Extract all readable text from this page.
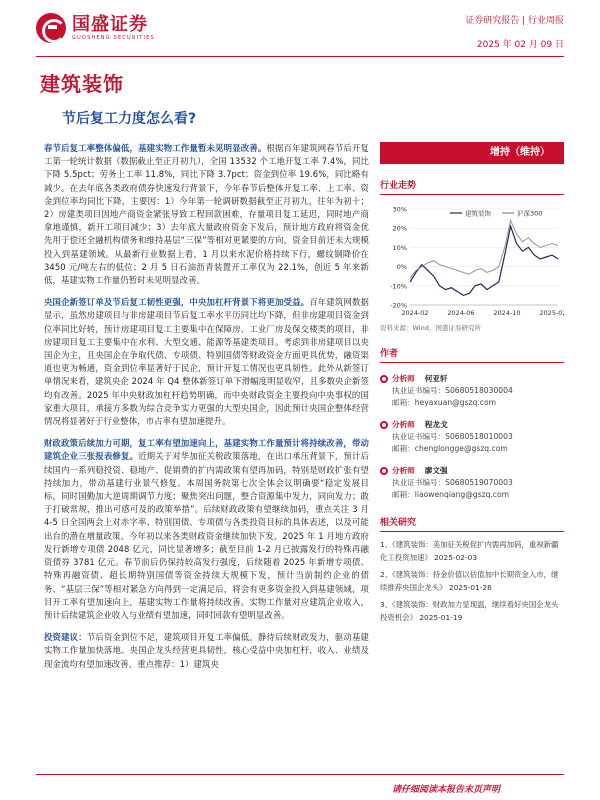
国盛证券
GUOSHENG SECURITIES
证券研究报告 | 行业周报
2025 年 02 月 09 日
建筑装饰
节后复工力度怎么看?

春节后复工率整体偏低，基建实物工作量暂未见明显改善。根据百年建筑网春节后开复工第一轮统计数据（数据截止至正月初九），全国 13532 个工地开复工率 7.4%，同比下降 5.5pct；劳务上工率 11.8%，同比下降 3.7pct；资金到位率 19.6%，同比略有减少。在去年底各类政府债券快速发行背景下，今年春节后整体开复工率、上工率、资金到位率均同比下降，主要因：1）今年第一轮调研数据截至正月初九，往年为初十；2）房建类项目因地产商资金紧张导致工程回款困难，存量项目复工延迟，同时地产商拿地谨慎，新开工项目减少；3）去年底大量政府资金下发后，预计地方政府将资金优先用于偿还全融机构债务和维持基层“三保”等相对更紧要的方向，资金目前还未大规模投入到基建领域。从最新行业数据上看，1 月以来水泥价格持续下行，螺纹钢降价在 3450 元/吨左右的低位；2 月 5 日石油沥青装置开工率仅为 22.1%，创近 5 年来新低，基建实物工作量仍暂时未见明显改善。

央国企新签订单及节后复工韧性更强，中央加杠杆背景下将更加受益。百年建筑网数据显示，虽然房建项目与非房建项目节后复工率水平历同比均下降，但非房建项目资金到位率同比好转，预计房建项目复工主要集中在保障房、工业厂房及保交楼类的项目，非房建项目复工主要集中在水利、大型交通、能源等基建类项目。考虑到非房建项目以央国企为主，且央国企在争取代债、专项债、特别国债等财政资金方面更具优势，融资渠道也更为畅通，资金到位率显著好于民企，预计开复工情况也更具韧性。此外从新签订单情况来看，建筑央企 2024 年 Q4 整体新签订单下滑幅度明显收窄，且多数央企新签均有改善。2025 年中央财政加杠杆趋势明确，而中央财政资金主要投向中央事权的国家重大项目，承接方多数为综合竞争实力更强的大型央国企，因此预计央国企整体经营情况将显著好于行业整体，市占率有望加速提升。

财政政策后续加力可期，复工率有望加速向上，基建实物工作量预计将持续改善，带动建筑企业三张报表修复。近期关于对华加征关税政策落地，在出口承压背景下，预计后续国内一系列稳投资、稳地产、促销费的扩内需政策有望再加码，特别是财政扩张有望持续加力，带动基建行业景气修复。本周国务院第七次全体会议明确要“稳定发展目标，同时国勤加大逆周期调节力度；聚焦突出问题，整合资源集中发力，同向发力；敢于打破常规，推出可感可及的政策举措”。后续财政政策有望继续加码，重点关注 3 月 4-5 日全国两会上对赤字率、特别国债、专项债与各类投资目标的具体表述，以及可能出台的潜在增量政策。今年初以来各类财政资金继续加快下发，2025 年 1 月地方政府发行新增专项债 2048 亿元，同比显著增多；截至目前 1-2 月已披露发行的特殊再融资债券 3781 亿元。春节前后仍保持较高发行强度，后续随着 2025 年新增专项债、特殊再融资债、超长期特别国债等资金持续大规模下发，预计当前制约企业的债务、“基层三保”等相对紧急方向得到一定满足后，将会有更多资金投入到基建领域，项目开工率有望加速向上，基建实物工作量将持续改善。实物工作量对应建筑企业收入，预计后续建筑企业收入与业绩有望加速，同时回款有望明显改善。

投资建议：节后资金到位不足，建筑项目开复工率偏低。静待后续财政发力，驱动基建实物工作量加快落地。央国企龙头经营更具韧性，核心受益中央加杠杆，收入、业绩及现金流均有望加速改善，重点推荐：1）建筑央

增持（维持）
行业走势
30%
20%
10%
0%
-10%
-20%
2024-02	2024-06	2024-10	2025-02
建筑装饰	沪深300
资料来源：Wind，国盛证券研究所
作者
分析师 何亚轩
执业证书编号：S0680518030004
邮箱：heyaxuan@gszq.com
分析师 程龙戈
执业证书编号：S0680518010003
邮箱：chenglongge@gszq.com
分析师 廖文强
执业证书编号：S0680519070003
邮箱：liaowenqiang@gszq.com
相关研究
1、《建筑装饰：美加征关税促扩内需再加码，重视新疆化工投资加速》 2025-02-03
2、《建筑装饰：持金价值以估值加中长期资金入市，继续推荐央国企龙头》 2025-01-26
3、《建筑装饰：财政加力显现温，继续看好央国企龙头投资机会》 2025-01-19
请仔细阅读本报告末页声明
